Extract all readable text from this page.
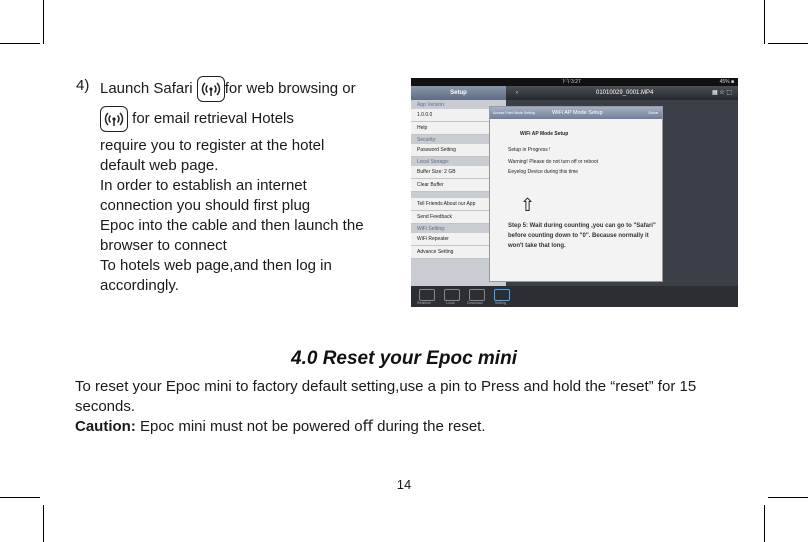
4) Launch Safari for web browsing or
for email retrieval Hotels
require you to register at the hotel
default web page.
In order to establish an internet
connection you should ﬁrst plug
Epoc into the cable and then launch the
browser to connect
To hotels web page,and then log in
accordingly.
下午3:27	45% ■
Setup
App Version:
1.0.0.0
Help
Security:
Password Setting
Local Storage:
Buffer Size: 2 GB
Clear Buffer
Tell Friends About our App
Send Feedback
WiFi Setting:
WiFi Repeater
Advance Setting
‹	01010029_0001.MP4	▦ ☆ ⬚
Access Point Mode Setting	WiFi AP Mode Setup	Done
WiFi AP Mode Setup
Setup in Progress !
Warning! Please do not turn off or reboot
Eeyelog Device during this time
⇧
Step 5: Wait during counting ,you can go to "Safari" before counting down to "0". Because normally it won't take that long.
Realtime	Local	Download	Setting
4.0 Reset your Epoc mini
To reset your Epoc mini to factory default setting,use a pin to Press and hold the “reset” for 15
seconds.
Caution: Epoc mini must not be powered oﬀ during the reset.
14
